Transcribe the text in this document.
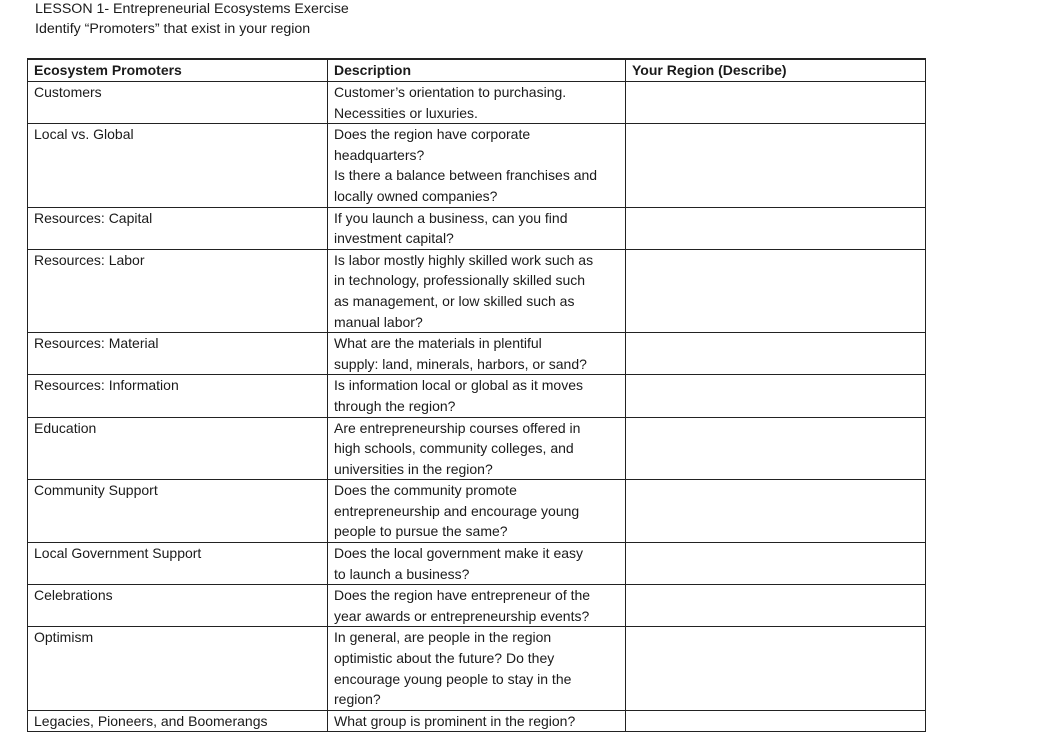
LESSON 1- Entrepreneurial Ecosystems Exercise
Identify “Promoters” that exist in your region
Ecosystem Promoters	Description	Your Region (Describe)
Customers	Customer’s orientation to purchasing.
Necessities or luxuries.	

Local vs. Global	Does the region have corporate
headquarters?
Is there a balance between franchises and
locally owned companies?	

Resources: Capital	If you launch a business, can you find
investment capital?	

Resources: Labor	Is labor mostly highly skilled work such as
in technology, professionally skilled such
as management, or low skilled such as
manual labor?	

Resources: Material	What are the materials in plentiful
supply: land, minerals, harbors, or sand?	

Resources: Information	Is information local or global as it moves
through the region?	

Education	Are entrepreneurship courses offered in
high schools, community colleges, and
universities in the region?	

Community Support	Does the community promote
entrepreneurship and encourage young
people to pursue the same?	

Local Government Support	Does the local government make it easy
to launch a business?	

Celebrations	Does the region have entrepreneur of the
year awards or entrepreneurship events?	

Optimism	In general, are people in the region
optimistic about the future? Do they
encourage young people to stay in the
region?	

Legacies, Pioneers, and Boomerangs	What group is prominent in the region?	
